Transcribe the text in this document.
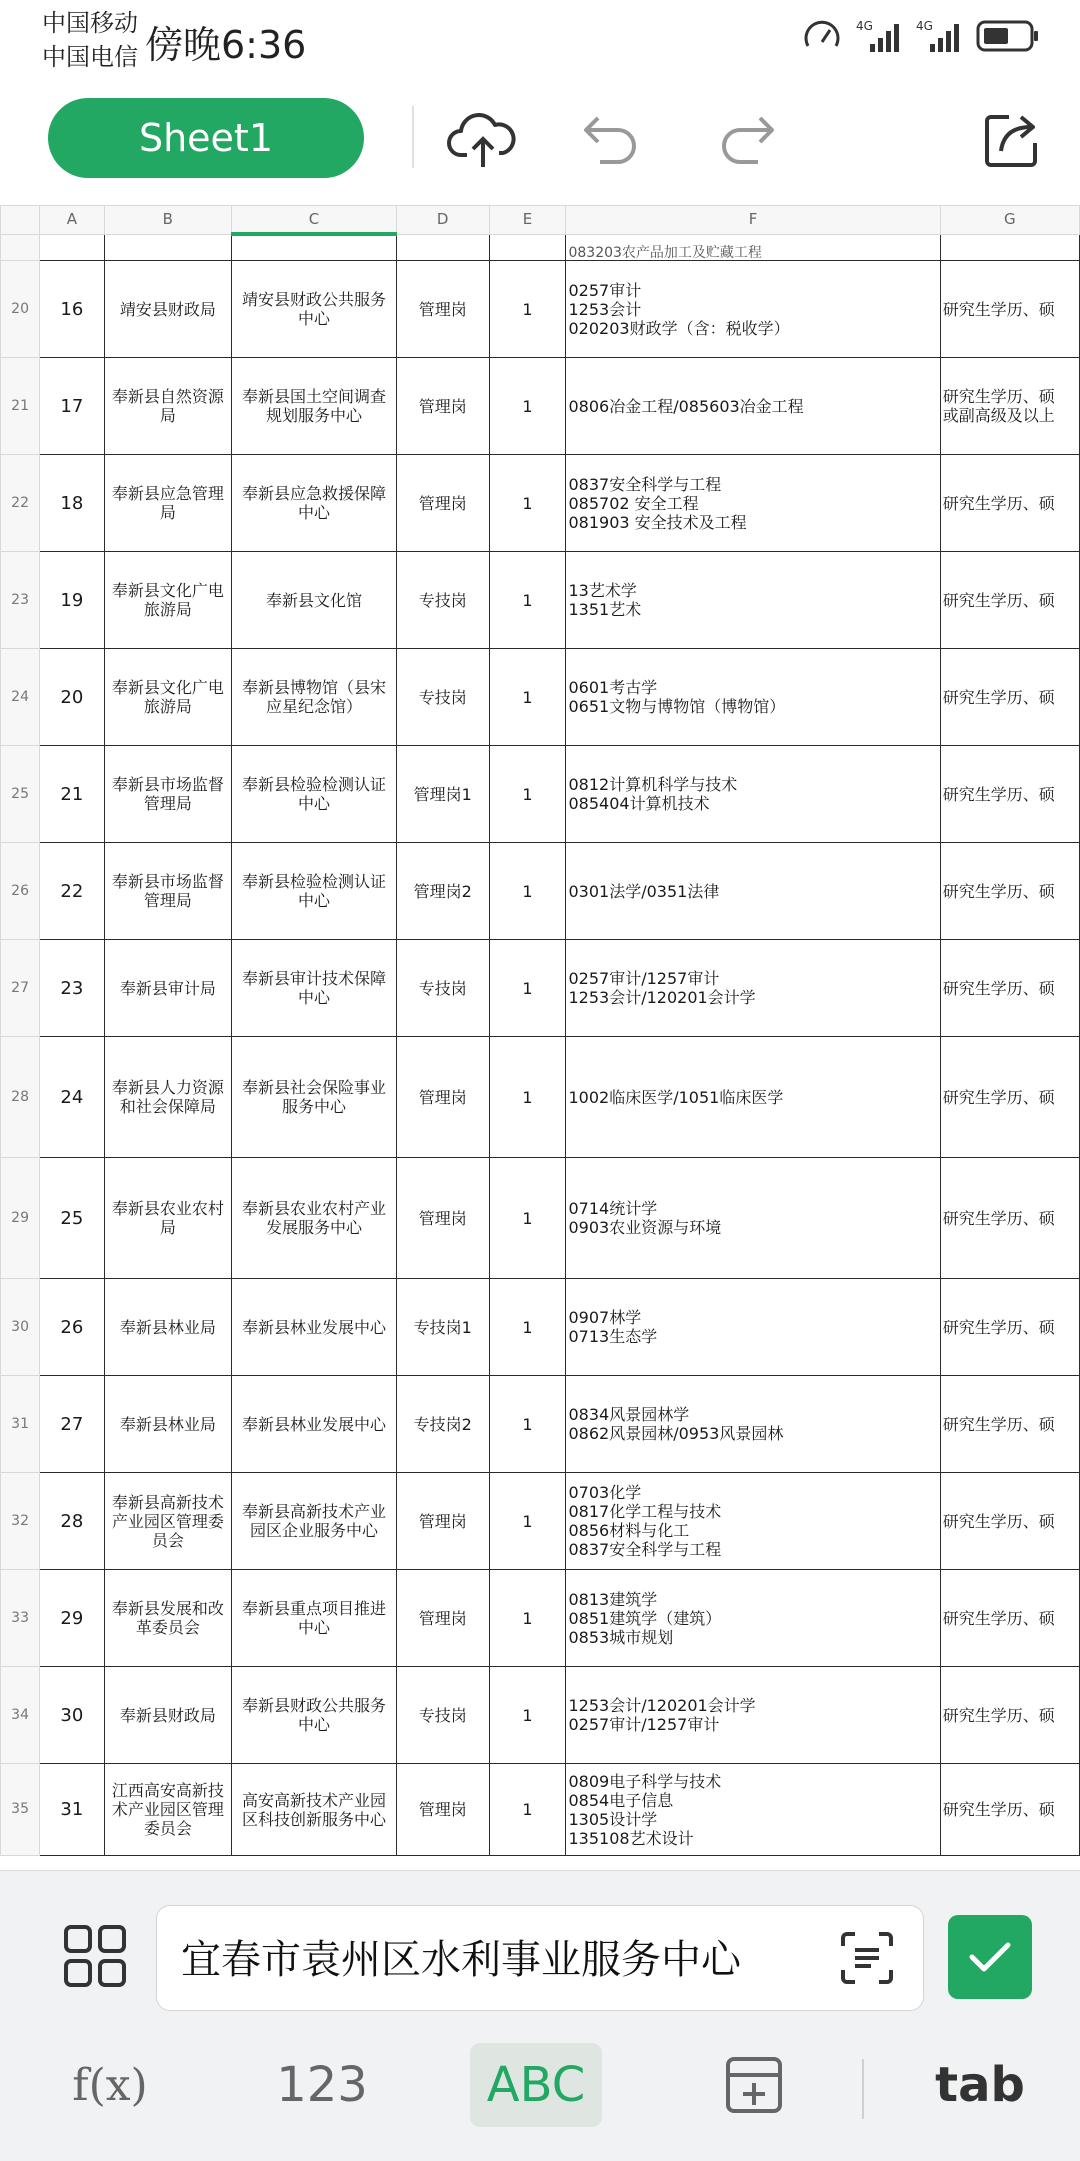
中国移动
中国电信 傍晚6:36	4G	4G
Sheet1
	A	B	C	D	E	F	G
						083203农产品加工及贮藏工程	
20	16	靖安县财政局	靖安县财政公共服务中心	管理岗	1	0257审计
1253会计
020203财政学（含：税收学）	研究生学历、硕
21	17	奉新县自然资源局	奉新县国土空间调查规划服务中心	管理岗	1	0806冶金工程/085603冶金工程	研究生学历、硕
或副高级及以上
22	18	奉新县应急管理局	奉新县应急救援保障中心	管理岗	1	0837安全科学与工程
085702 安全工程
081903 安全技术及工程	研究生学历、硕
23	19	奉新县文化广电旅游局	奉新县文化馆	专技岗	1	13艺术学
1351艺术	研究生学历、硕
24	20	奉新县文化广电旅游局	奉新县博物馆（县宋应星纪念馆）	专技岗	1	0601考古学
0651文物与博物馆（博物馆）	研究生学历、硕
25	21	奉新县市场监督管理局	奉新县检验检测认证中心	管理岗1	1	0812计算机科学与技术
085404计算机技术	研究生学历、硕
26	22	奉新县市场监督管理局	奉新县检验检测认证中心	管理岗2	1	0301法学/0351法律	研究生学历、硕
27	23	奉新县审计局	奉新县审计技术保障中心	专技岗	1	0257审计/1257审计
1253会计/120201会计学	研究生学历、硕
28	24	奉新县人力资源和社会保障局	奉新县社会保险事业服务中心	管理岗	1	1002临床医学/1051临床医学	研究生学历、硕
29	25	奉新县农业农村局	奉新县农业农村产业发展服务中心	管理岗	1	0714统计学
0903农业资源与环境	研究生学历、硕
30	26	奉新县林业局	奉新县林业发展中心	专技岗1	1	0907林学
0713生态学	研究生学历、硕
31	27	奉新县林业局	奉新县林业发展中心	专技岗2	1	0834风景园林学
0862风景园林/0953风景园林	研究生学历、硕
32	28	奉新县高新技术产业园区管理委员会	奉新县高新技术产业园区企业服务中心	管理岗	1	0703化学
0817化学工程与技术
0856材料与化工
0837安全科学与工程	研究生学历、硕
33	29	奉新县发展和改革委员会	奉新县重点项目推进中心	管理岗	1	0813建筑学
0851建筑学（建筑）
0853城市规划	研究生学历、硕
34	30	奉新县财政局	奉新县财政公共服务中心	专技岗	1	1253会计/120201会计学
0257审计/1257审计	研究生学历、硕
35	31	江西高安高新技术产业园区管理委员会	高安高新技术产业园区科技创新服务中心	管理岗	1	0809电子科学与技术
0854电子信息
1305设计学
135108艺术设计	研究生学历、硕
宜春市袁州区水利事业服务中心
f(x)	123	ABC	tab
